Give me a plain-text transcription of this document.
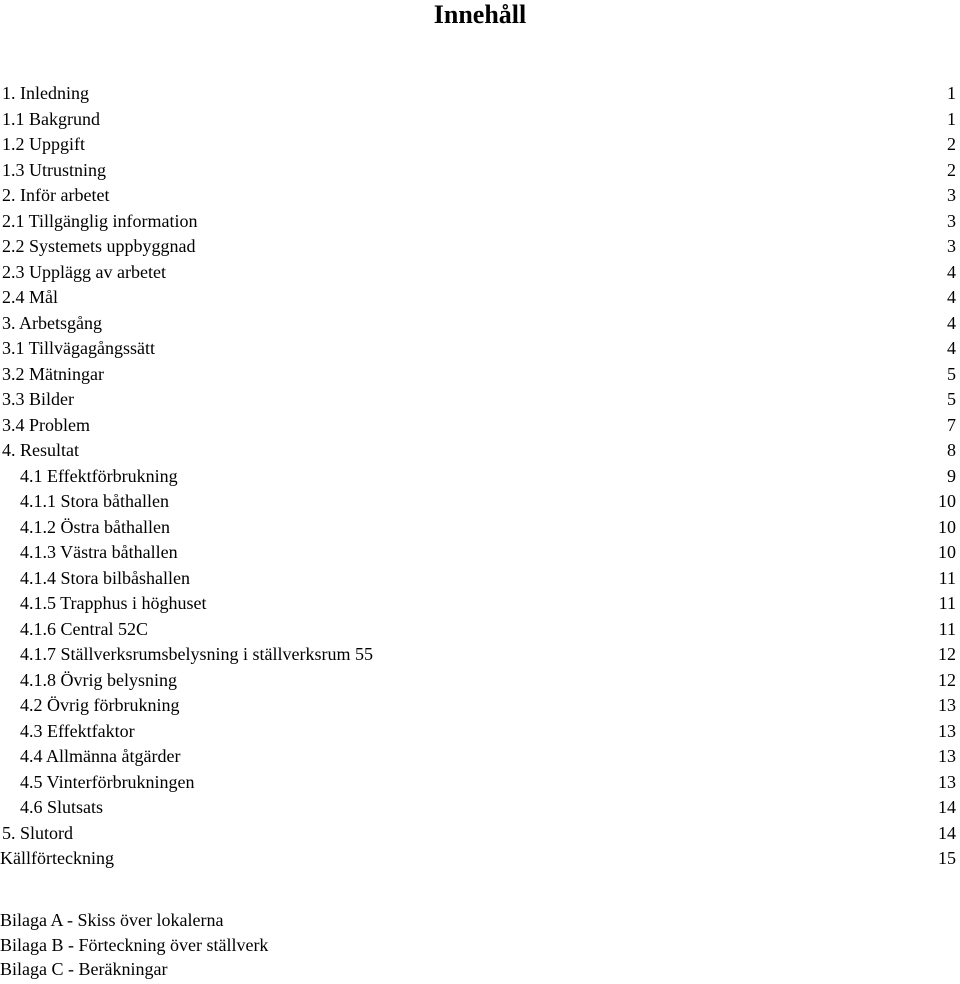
Innehåll
1. Inledning	1
1.1 Bakgrund	1
1.2 Uppgift	2
1.3 Utrustning	2
2. Inför arbetet	3
2.1 Tillgänglig information	3
2.2 Systemets uppbyggnad	3
2.3 Upplägg av arbetet	4
2.4 Mål	4
3. Arbetsgång	4
3.1 Tillvägagångssätt	4
3.2 Mätningar	5
3.3 Bilder	5
3.4 Problem	7
4. Resultat	8
4.1 Effektförbrukning	9
4.1.1 Stora båthallen	10
4.1.2 Östra båthallen	10
4.1.3 Västra båthallen	10
4.1.4 Stora bilbåshallen	11
4.1.5 Trapphus i höghuset	11
4.1.6 Central 52C	11
4.1.7 Ställverksrumsbelysning i ställverksrum 55	12
4.1.8 Övrig belysning	12
4.2 Övrig förbrukning	13
4.3 Effektfaktor	13
4.4 Allmänna åtgärder	13
4.5 Vinterförbrukningen	13
4.6 Slutsats	14
5. Slutord	14
Källförteckning	15
Bilaga A - Skiss över lokalerna
Bilaga B - Förteckning över ställverk
Bilaga C - Beräkningar
